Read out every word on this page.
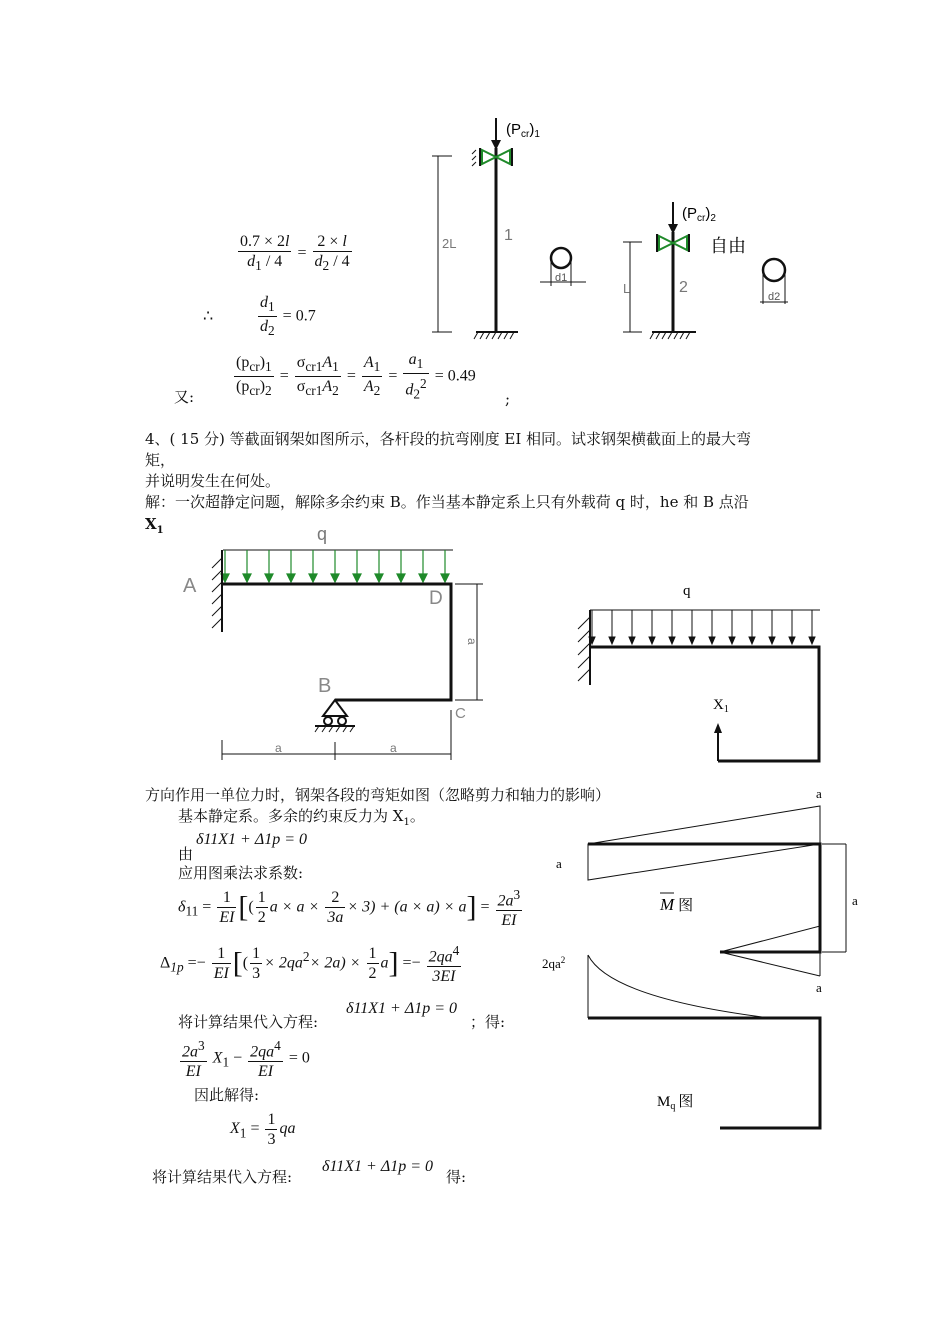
$(P_{cr})_1$
2L	1
d1
$(P_{cr})_2$
自由
L	2
d2
$\frac{0.7 \times 2l}{d_1 / 4} = \frac{2 \times l}{d_2 / 4}$
∴	$\frac{d_1}{d_2} = 0.7$
又: $\frac{(p_{cr})_1}{(p_{cr})_2} = \frac{\sigma_{cr1}A_1}{\sigma_{cr1}A_2} = \frac{A_1}{A_2} = \frac{a_1}{d_2^2} = 0.49$
;
4、( 15 分) 等截面钢架如图所示，各杆段的抗弯刚度 EI 相同。试求钢架横截面上的最大弯
矩，
并说明发生在何处。
解：一次超静定问题，解除多余约束 B。作当基本静定系上只有外载荷 q 时，he 和 B 点沿
$X_1$	q
A
D
C
B
a
a	a
q
$X_1$
方向作用一单位力时，钢架各段的弯矩如图（忽略剪力和轴力的影响）
基本静定系。多余的约束反力为 $X_1$。
由
δ11X1 + Δ1p = 0
应用图乘法求系数:
$\delta_{11} = \frac{1}{EI}$ [( $\frac{1}{2}$ $a \times a \times \frac{2}{3a} \times 3) + (a \times a) \times a] = \frac{2a^3}{EI}$
$\Delta_{1p} =- \frac{1}{EI}$ [( $\frac{1}{3} \times 2qa^2\times 2a) \times \frac{1}{2} a] =- \frac{2qa^4}{3EI}$
将计算结果代入方程:
δ11X1 + Δ1p = 0
；得:
$\frac{2a^3}{EI} X_1 - \frac{2qa^4}{EI} = 0$
因此解得:
$X_1 = \frac{1}{3}$ qa
将计算结果代入方程:
δ11X1 + Δ1p = 0
得:
a
a
a
a
M 图
$2qa^2$
$M_q$ 图
